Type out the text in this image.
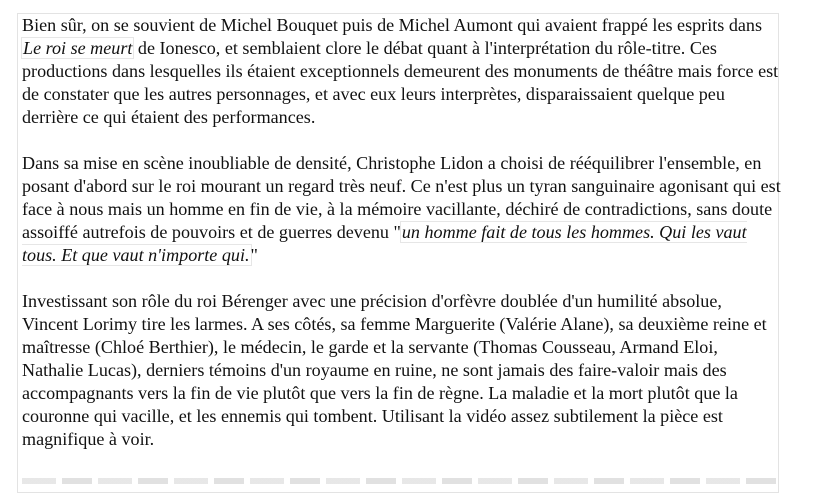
Bien sûr, on se souvient de Michel Bouquet puis de Michel Aumont qui avaient frappé les esprits dans Le roi se meurt de Ionesco, et semblaient clore le débat quant à l'interprétation du rôle-titre. Ces productions dans lesquelles ils étaient exceptionnels demeurent des monuments de théâtre mais force est de constater que les autres personnages, et avec eux leurs interprètes, disparaissaient quelque peu derrière ce qui étaient des performances.

Dans sa mise en scène inoubliable de densité, Christophe Lidon a choisi de rééquilibrer l'ensemble, en posant d'abord sur le roi mourant un regard très neuf. Ce n'est plus un tyran sanguinaire agonisant qui est face à nous mais un homme en fin de vie, à la mémoire vacillante, déchiré de contradictions, sans doute assoiffé autrefois de pouvoirs et de guerres devenu "un homme fait de tous les hommes. Qui les vaut tous. Et que vaut n'importe qui."

Investissant son rôle du roi Bérenger avec une précision d'orfèvre doublée d'un humilité absolue, Vincent Lorimy tire les larmes. A ses côtés, sa femme Marguerite (Valérie Alane), sa deuxième reine et maîtresse (Chloé Berthier), le médecin, le garde et la servante (Thomas Cousseau, Armand Eloi, Nathalie Lucas), derniers témoins d'un royaume en ruine, ne sont jamais des faire-valoir mais des accompagnants vers la fin de vie plutôt que vers la fin de règne. La maladie et la mort plutôt que la couronne qui vacille, et les ennemis qui tombent. Utilisant la vidéo assez subtilement la pièce est magnifique à voir.
